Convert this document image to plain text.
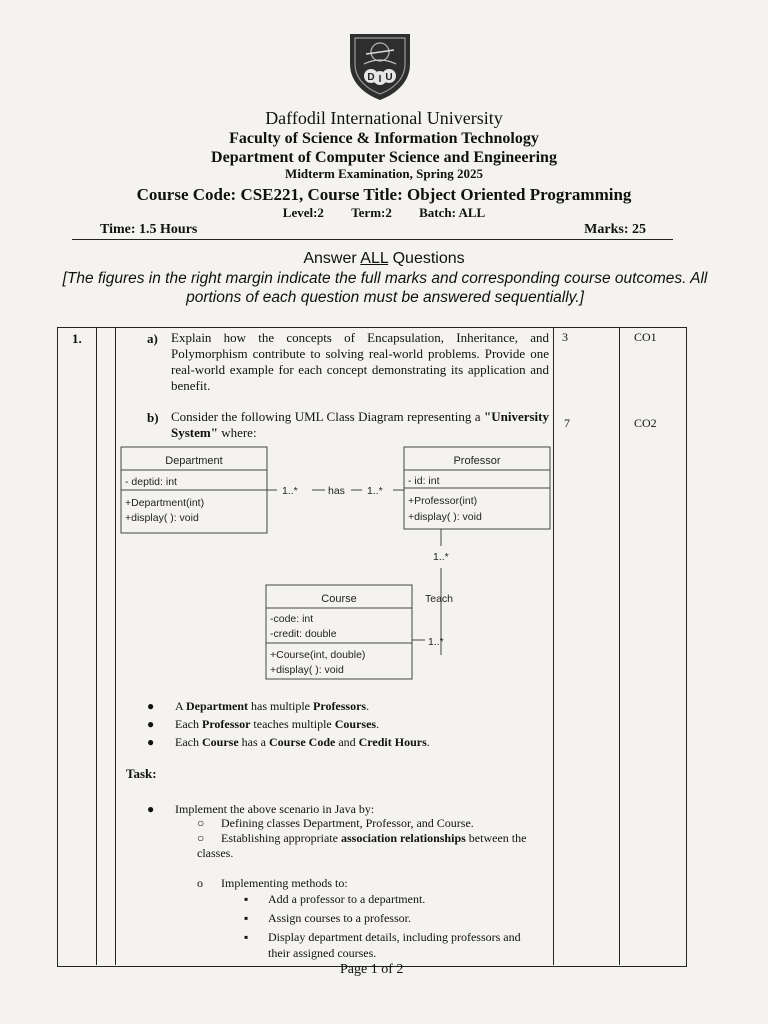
D I U
Daffodil International University
Faculty of Science & Information Technology
Department of Computer Science and Engineering
Midterm Examination, Spring 2025
Course Code: CSE221, Course Title: Object Oriented Programming
Level:2 Term:2 Batch: ALL
Time: 1.5 Hours	Marks: 25
Answer ALL Questions
[The figures in the right margin indicate the full marks and corresponding course outcomes. All portions of each question must be answered sequentially.]
1.	a) Explain how the concepts of Encapsulation, Inheritance, and Polymorphism contribute to solving real-world problems. Provide one real-world example for each concept demonstrating its application and benefit.
3	CO1
b) Consider the following UML Class Diagram representing a "University System" where:
7	CO2
Department
- deptid: int
+Department(int)
+display( ): void
Professor
- id: int
+Professor(int)
+display( ): void
Course
-code: int
-credit: double
+Course(int, double)
+display( ): void
1..*	has 1..*
1..*
Teach
1..*
● A Department has multiple Professors.
● Each Professor teaches multiple Courses.
● Each Course has a Course Code and Credit Hours.
Task:
● Implement the above scenario in Java by:
○ Defining classes Department, Professor, and Course.
○ Establishing appropriate association relationships between the classes.
o Implementing methods to:
▪ Add a professor to a department.
▪ Assign courses to a professor.
▪ Display department details, including professors and their assigned courses.
Page 1 of 2
